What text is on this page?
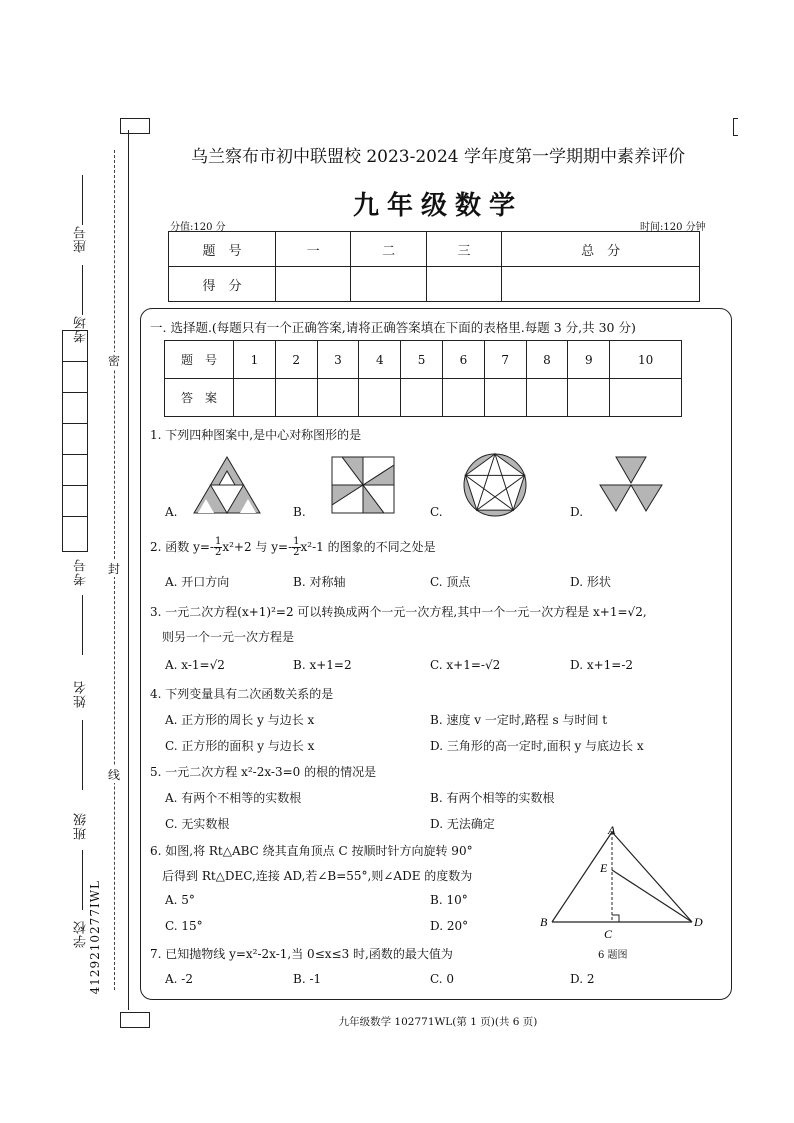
座号
考场
考号
姓名
班级
学校 4129210277IWL
密
封
线
乌兰察布市初中联盟校 2023-2024 学年度第一学期期中素养评价
九年级数学
分值:120 分	时间:120 分钟
题　号	一	二	三	总　分
得　分				
一. 选择题.(每题只有一个正确答案,请将正确答案填在下面的表格里.每题 3 分,共 30 分)
题　号	1	2	3	4	5	6	7	8	9	10
答　案										
1. 下列四种图案中,是中心对称图形的是
A.	B.	C.	D.
2. 函数 $y=- \frac{1}{2} x^2+2$ 与 $y=- \frac{1}{2} x^2-1$ 的图象的不同之处是
A. 开口方向	B. 对称轴	C. 顶点	D. 形状
3. 一元二次方程(x+1)²=2 可以转换成两个一元一次方程,其中一个一元一次方程是 x+1=√2,
则另一个一元一次方程是
A. x-1=√2	B. x+1=2	C. x+1=-√2	D. x+1=-2
4. 下列变量具有二次函数关系的是
A. 正方形的周长 y 与边长 x	B. 速度 v 一定时,路程 s 与时间 t
C. 正方形的面积 y 与边长 x	D. 三角形的高一定时,面积 y 与底边长 x
5. 一元二次方程 x²-2x-3=0 的根的情况是
A. 有两个不相等的实数根	B. 有两个相等的实数根
C. 无实数根	D. 无法确定
6. 如图,将 Rt△ABC 绕其直角顶点 C 按顺时针方向旋转 90°
后得到 Rt△DEC,连接 AD,若∠B=55°,则∠ADE 的度数为
A. 5°	B. 10°
C. 15°	D. 20°
A
E
B
C
D
6 题图
7. 已知抛物线 y=x²-2x-1,当 0≤x≤3 时,函数的最大值为
A. -2	B. -1	C. 0	D. 2
九年级数学 102771WL(第 1 页)(共 6 页)
